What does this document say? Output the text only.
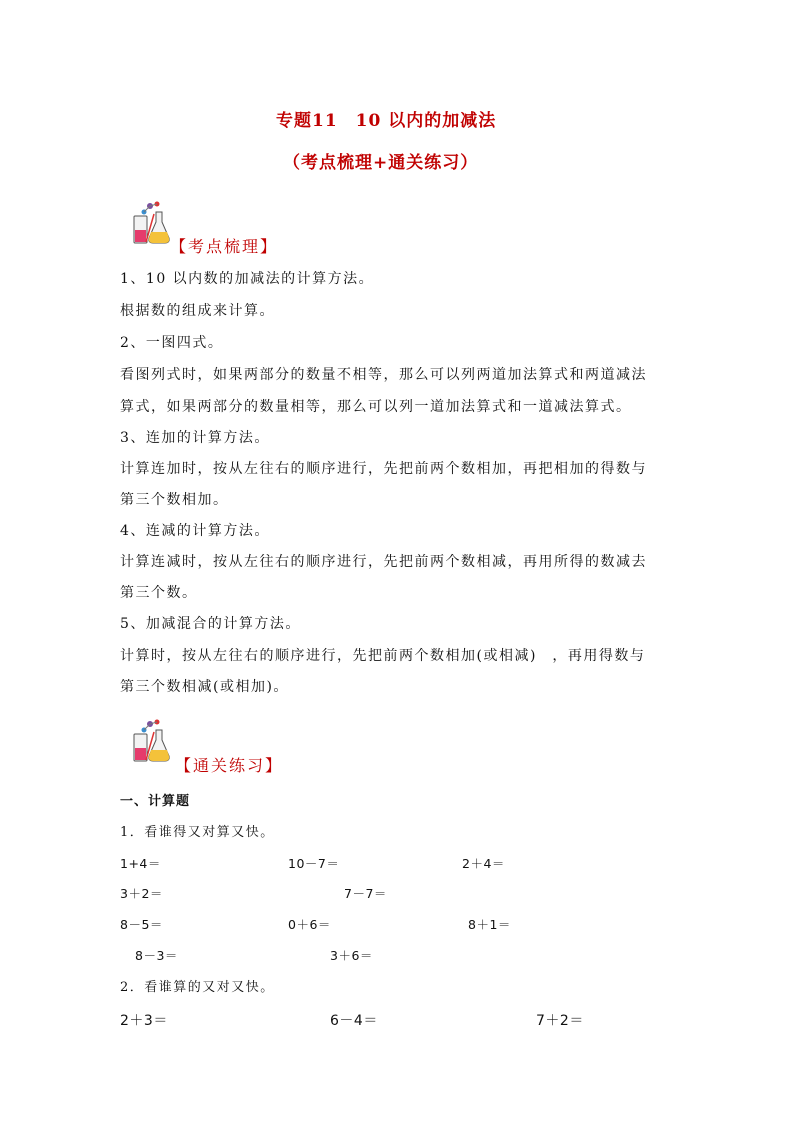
专题11　10 以内的加减法
（考点梳理+通关练习）
【考点梳理】
1、10 以内数的加减法的计算方法。
根据数的组成来计算。
2、一图四式。
看图列式时，如果两部分的数量不相等，那么可以列两道加法算式和两道减法
算式，如果两部分的数量相等，那么可以列一道加法算式和一道减法算式。
3、连加的计算方法。
计算连加时，按从左往右的顺序进行，先把前两个数相加，再把相加的得数与
第三个数相加。
4、连减的计算方法。
计算连减时，按从左往右的顺序进行，先把前两个数相减，再用所得的数减去
第三个数。
5、加减混合的计算方法。
计算时，按从左往右的顺序进行，先把前两个数相加(或相减)　，再用得数与
第三个数相减(或相加)。
【通关练习】
一、计算题
1．看谁得又对算又快。
1+4＝	10－7＝	2＋4＝
3＋2＝	7－7＝
8－5＝	0＋6＝	8＋1＝
8－3＝	3＋6＝
2．看谁算的又对又快。
2＋3＝	6－4＝	7＋2＝
